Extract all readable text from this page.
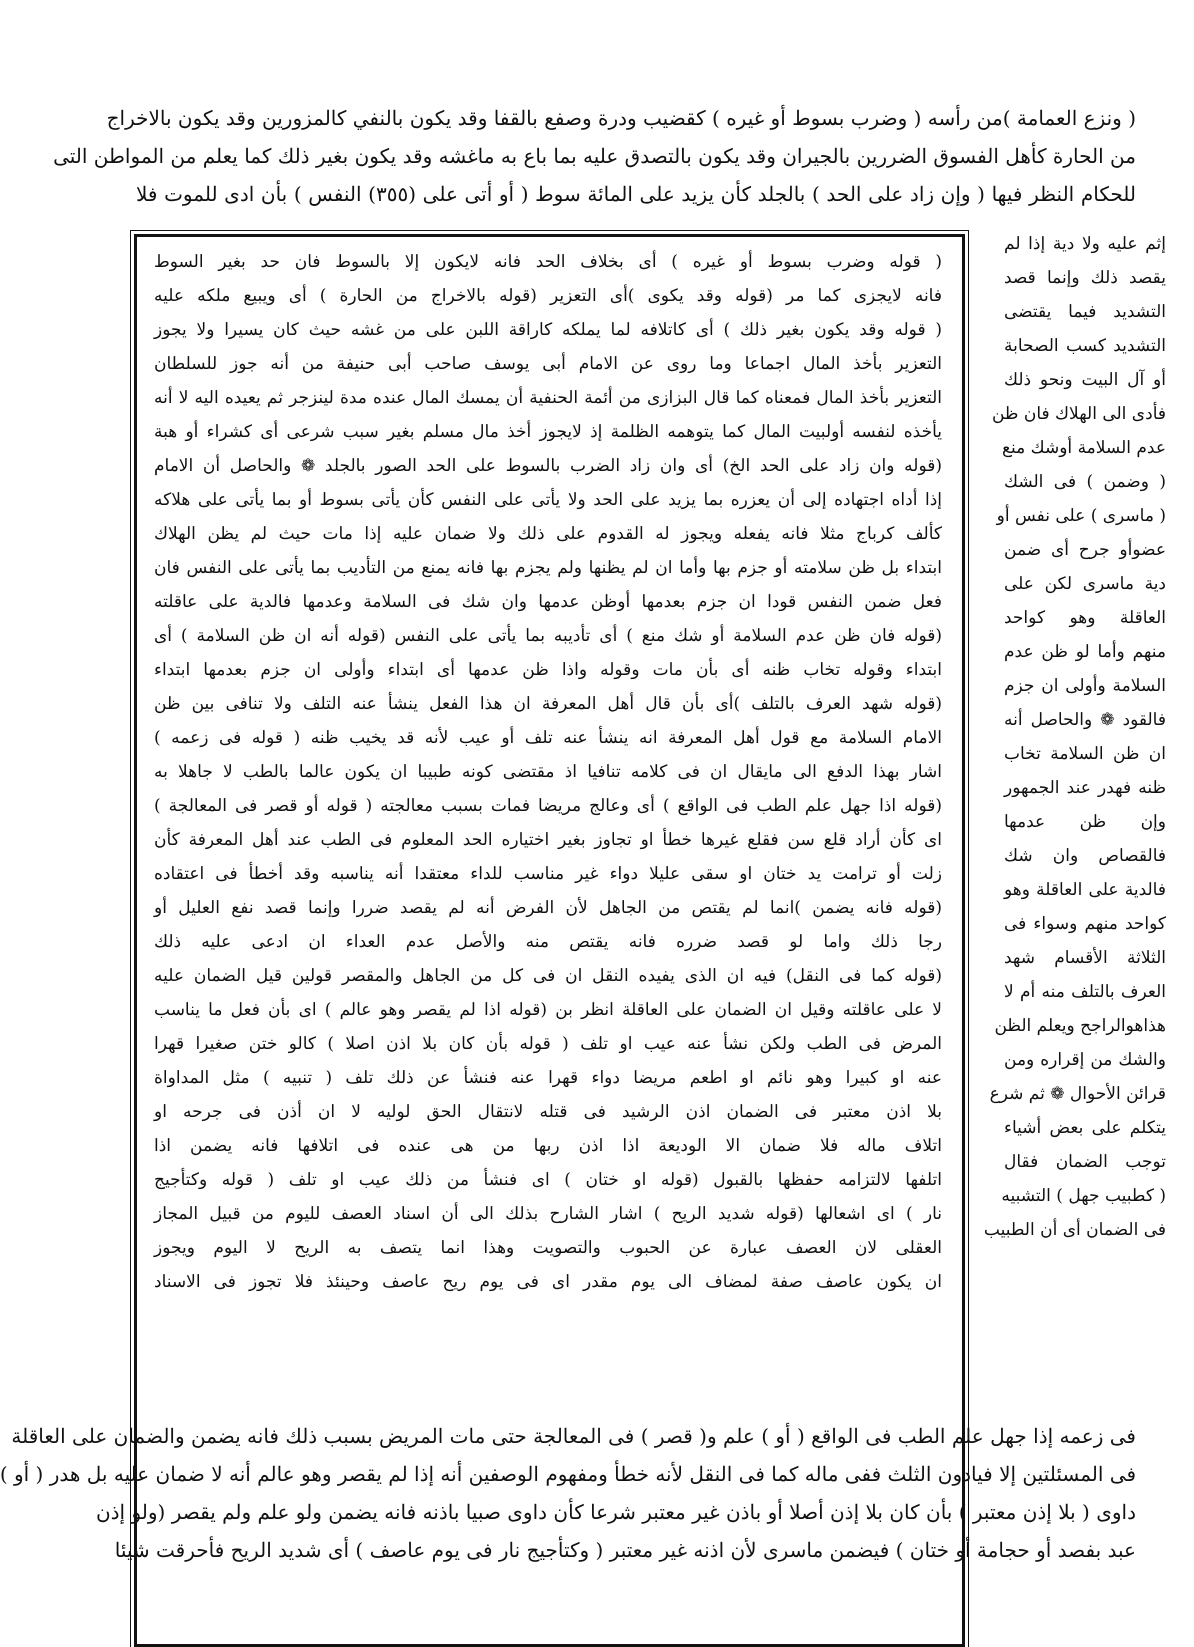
( ونزع العمامة )من رأسه ( وضرب بسوط أو غيره ) كقضيب ودرة وصفع بالقفا وقد يكون بالنفي كالمزورين وقد يكون بالاخراج
من الحارة كأهل الفسوق الضررين بالجيران وقد يكون بالتصدق عليه بما باع به ماغشه وقد يكون بغير ذلك كما يعلم من المواطن التى
للحكام النظر فيها ( وإن زاد على الحد ) بالجلد كأن يزيد على المائة سوط ( أو أتى على (٣٥٥) النفس ) بأن ادى للموت فلا
إثم عليه ولا دية إذا لم
يقصد ذلك وإنما قصد
التشديد فيما يقتضى
التشديد كسب الصحابة
أو آل البيت ونحو ذلك
فأدى الى الهلاك فان ظن
عدم السلامة أوشك منع
( وضمن ) فى الشك
( ماسرى ) على نفس أو
عضوأو جرح أى ضمن
دية ماسرى لكن على
العاقلة وهو كواحد
منهم وأما لو ظن عدم
السلامة وأولى ان جزم
فالقود ❁ والحاصل أنه
ان ظن السلامة تخاب
ظنه فهدر عند الجمهور
وإن ظن عدمها
فالقصاص وان شك
فالدية على العاقلة وهو
كواحد منهم وسواء فى
الثلاثة الأقسام شهد
العرف بالتلف منه أم لا
هذاهوالراجح ويعلم الظن
والشك من إقراره ومن
قرائن الأحوال ❁ ثم شرع
يتكلم على بعض أشياء
توجب الضمان فقال
( كطبيب جهل ) التشبيه
فى الضمان أى أن الطبيب
( قوله وضرب بسوط أو غيره ) أى بخلاف الحد فانه لايكون إلا بالسوط فان حد بغير السوط
فانه لايجزى كما مر (قوله وقد يكوى )أى التعزير (قوله بالاخراج من الحارة ) أى ويبيع ملكه عليه
( قوله وقد يكون بغير ذلك ) أى كاتلافه لما يملكه كاراقة اللبن على من غشه حيث كان يسيرا ولا يجوز
التعزير بأخذ المال اجماعا وما روى عن الامام أبى يوسف صاحب أبى حنيفة من أنه جوز للسلطان
التعزير بأخذ المال فمعناه كما قال البزازى من أئمة الحنفية أن يمسك المال عنده مدة لينزجر ثم يعيده اليه لا أنه
يأخذه لنفسه أولبيت المال كما يتوهمه الظلمة إذ لايجوز أخذ مال مسلم بغير سبب شرعى أى كشراء أو هبة
(قوله وان زاد على الحد الخ) أى وان زاد الضرب بالسوط على الحد الصور بالجلد ❁ والحاصل أن الامام
إذا أداه اجتهاده إلى أن يعزره بما يزيد على الحد ولا يأتى على النفس كأن يأتى بسوط أو بما يأتى على هلاكه
كألف كرباج مثلا فانه يفعله ويجوز له القدوم على ذلك ولا ضمان عليه إذا مات حيث لم يظن الهلاك
ابتداء بل ظن سلامته أو جزم بها وأما ان لم يظنها ولم يجزم بها فانه يمنع من التأديب بما يأتى على النفس فان
فعل ضمن النفس قودا ان جزم بعدمها أوظن عدمها وان شك فى السلامة وعدمها فالدية على عاقلته
(قوله فان ظن عدم السلامة أو شك منع ) أى تأديبه بما يأتى على النفس (قوله أنه ان ظن السلامة ) أى
ابتداء وقوله تخاب ظنه أى بأن مات وقوله واذا ظن عدمها أى ابتداء وأولى ان جزم بعدمها ابتداء
(قوله شهد العرف بالتلف )أى بأن قال أهل المعرفة ان هذا الفعل ينشأ عنه التلف ولا تنافى بين ظن
الامام السلامة مع قول أهل المعرفة انه ينشأ عنه تلف أو عيب لأنه قد يخيب ظنه ( قوله فى زعمه )
اشار بهذا الدفع الى مايقال ان فى كلامه تنافيا اذ مقتضى كونه طبيبا ان يكون عالما بالطب لا جاهلا به
(قوله اذا جهل علم الطب فى الواقع ) أى وعالج مريضا فمات بسبب معالجته ( قوله أو قصر فى المعالجة )
اى كأن أراد قلع سن فقلع غيرها خطأ او تجاوز بغير اختياره الحد المعلوم فى الطب عند أهل المعرفة كأن
زلت أو ترامت يد ختان او سقى عليلا دواء غير مناسب للداء معتقدا أنه يناسبه وقد أخطأ فى اعتقاده
(قوله فانه يضمن )انما لم يقتص من الجاهل لأن الفرض أنه لم يقصد ضررا وإنما قصد نفع العليل أو
رجا ذلك واما لو قصد ضرره فانه يقتص منه والأصل عدم العداء ان ادعى عليه ذلك
(قوله كما فى النقل) فيه ان الذى يفيده النقل ان فى كل من الجاهل والمقصر قولين قيل الضمان عليه
لا على عاقلته وقيل ان الضمان على العاقلة انظر بن (قوله اذا لم يقصر وهو عالم ) اى بأن فعل ما يناسب
المرض فى الطب ولكن نشأ عنه عيب او تلف ( قوله بأن كان بلا اذن اصلا ) كالو ختن صغيرا قهرا
عنه او كبيرا وهو نائم او اطعم مريضا دواء قهرا عنه فنشأ عن ذلك تلف ( تنبيه ) مثل المداواة
بلا اذن معتبر فى الضمان اذن الرشيد فى قتله لانتقال الحق لوليه لا ان أذن فى جرحه او
اتلاف ماله فلا ضمان الا الوديعة اذا اذن ربها من هى عنده فى اتلافها فانه يضمن اذا
اتلفها لالتزامه حفظها بالقبول (قوله او ختان ) اى فنشأ من ذلك عيب او تلف ( قوله وكتأجيج
نار ) اى اشعالها (قوله شديد الريح ) اشار الشارح بذلك الى أن اسناد العصف لليوم من قبيل المجاز
العقلى لان العصف عبارة عن الحبوب والتصويت وهذا انما يتصف به الريح لا اليوم ويجوز
ان يكون عاصف صفة لمضاف الى يوم مقدر اى فى يوم ريح عاصف وحينئذ فلا تجوز فى الاسناد
فى زعمه إذا جهل علم الطب فى الواقع ( أو ) علم و( قصر ) فى المعالجة حتى مات المريض بسبب ذلك فانه يضمن والضمان على العاقلة
فى المسئلتين إلا فيادون الثلث ففى ماله كما فى النقل لأنه خطأ ومفهوم الوصفين أنه إذا لم يقصر وهو عالم أنه لا ضمان عليه بل هدر ( أو )
داوى ( بلا إذن معتبر ) بأن كان بلا إذن أصلا أو باذن غير معتبر شرعا كأن داوى صبيا باذنه فانه يضمن ولو علم ولم يقصر (ولو إذن
عبد بفصد أو حجامة أو ختان ) فيضمن ماسرى لأن اذنه غير معتبر ( وكتأجيج نار فى يوم عاصف ) أى شديد الريح فأحرقت شيئا
